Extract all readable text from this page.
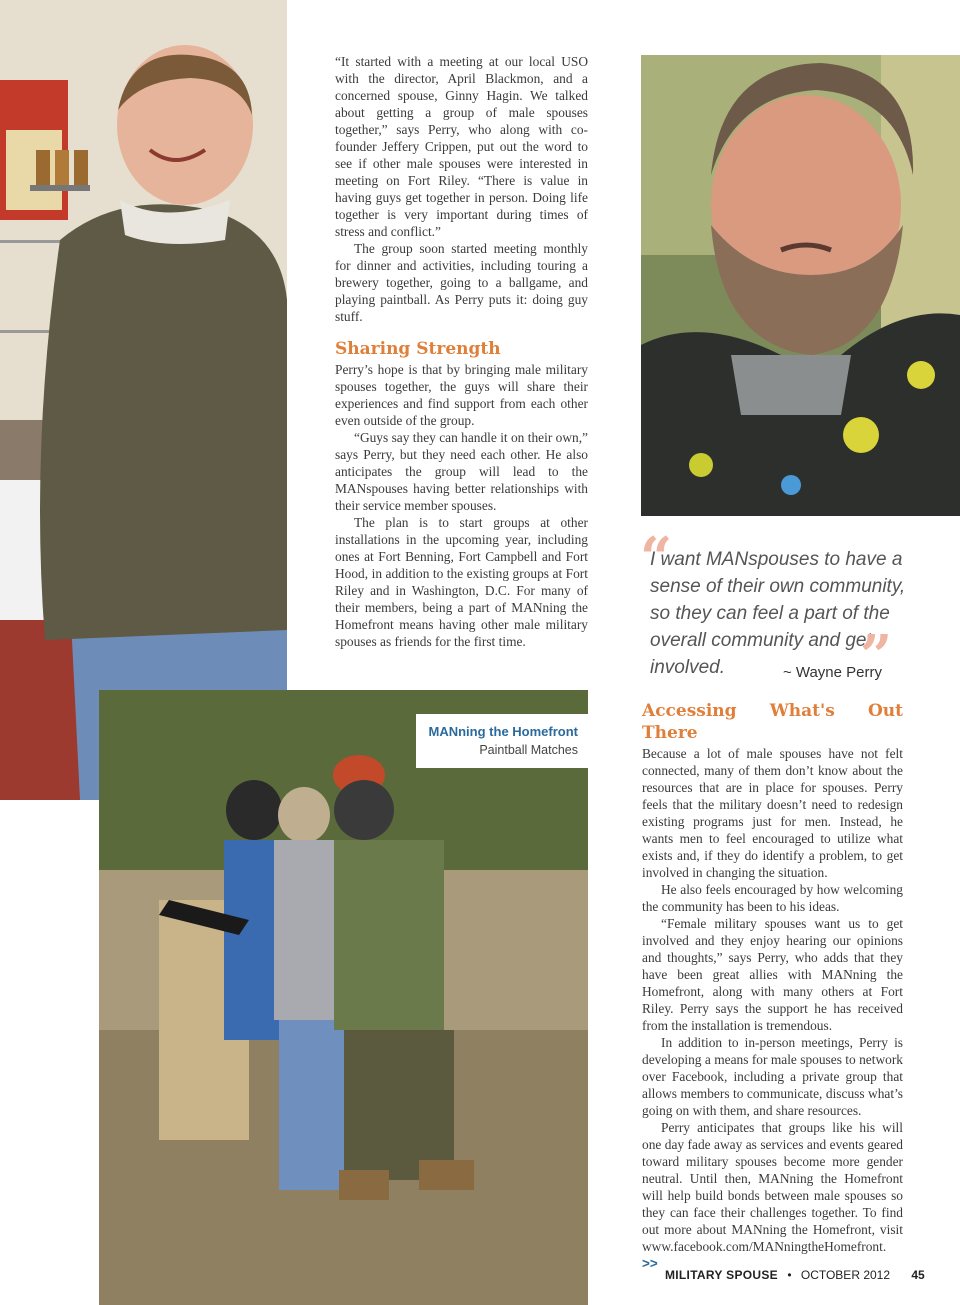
MANning the Homefront
Paintball Matches

“It started with a meeting at our local USO with the director, April Blackmon, and a concerned spouse, Ginny Hagin. We talked about getting a group of male spouses together,” says Perry, who along with co-founder Jeffery Crippen, put out the word to see if other male spouses were interested in meeting on Fort Riley. “There is value in having guys get together in person. Doing life together is very important during times of stress and conflict.”

The group soon started meeting monthly for dinner and activities, including touring a brewery together, going to a ballgame, and playing paintball. As Perry puts it: doing guy stuff.

Sharing Strength

Perry’s hope is that by bringing male military spouses together, the guys will share their experiences and find support from each other even outside of the group.

“Guys say they can handle it on their own,” says Perry, but they need each other. He also anticipates the group will lead to the MANspouses having better relationships with their service member spouses.

The plan is to start groups at other installations in the upcoming year, including ones at Fort Benning, Fort Campbell and Fort Hood, in addition to the existing groups at Fort Riley and in Washington, D.C. For many of their members, being a part of MANning the Homefront means having other male military spouses as friends for the first time.

“
I want MANspouses to have a sense of their own community, so they can feel a part of the overall community and get involved.	”
~ Wayne Perry
Accessing What's Out There

Because a lot of male spouses have not felt connected, many of them don’t know about the resources that are in place for spouses. Perry feels that the military doesn’t need to redesign existing programs just for men. Instead, he wants men to feel encouraged to utilize what exists and, if they do identify a problem, to get involved in changing the situation.

He also feels encouraged by how welcoming the community has been to his ideas.

“Female military spouses want us to get involved and they enjoy hearing our opinions and thoughts,” says Perry, who adds that they have been great allies with MANning the Homefront, along with many others at Fort Riley. Perry says the support he has received from the installation is tremendous.

In addition to in-person meetings, Perry is developing a means for male spouses to network over Facebook, including a private group that allows members to communicate, discuss what’s going on with them, and share resources.

Perry anticipates that groups like his will one day fade away as services and events geared toward military spouses become more gender neutral. Until then, MANning the Homefront will help build bonds between male spouses so they can face their challenges together. To find out more about MANning the Homefront, visit www.facebook.com/MANningtheHomefront. >>

MILITARY SPOUSE • OCTOBER 2012 45
